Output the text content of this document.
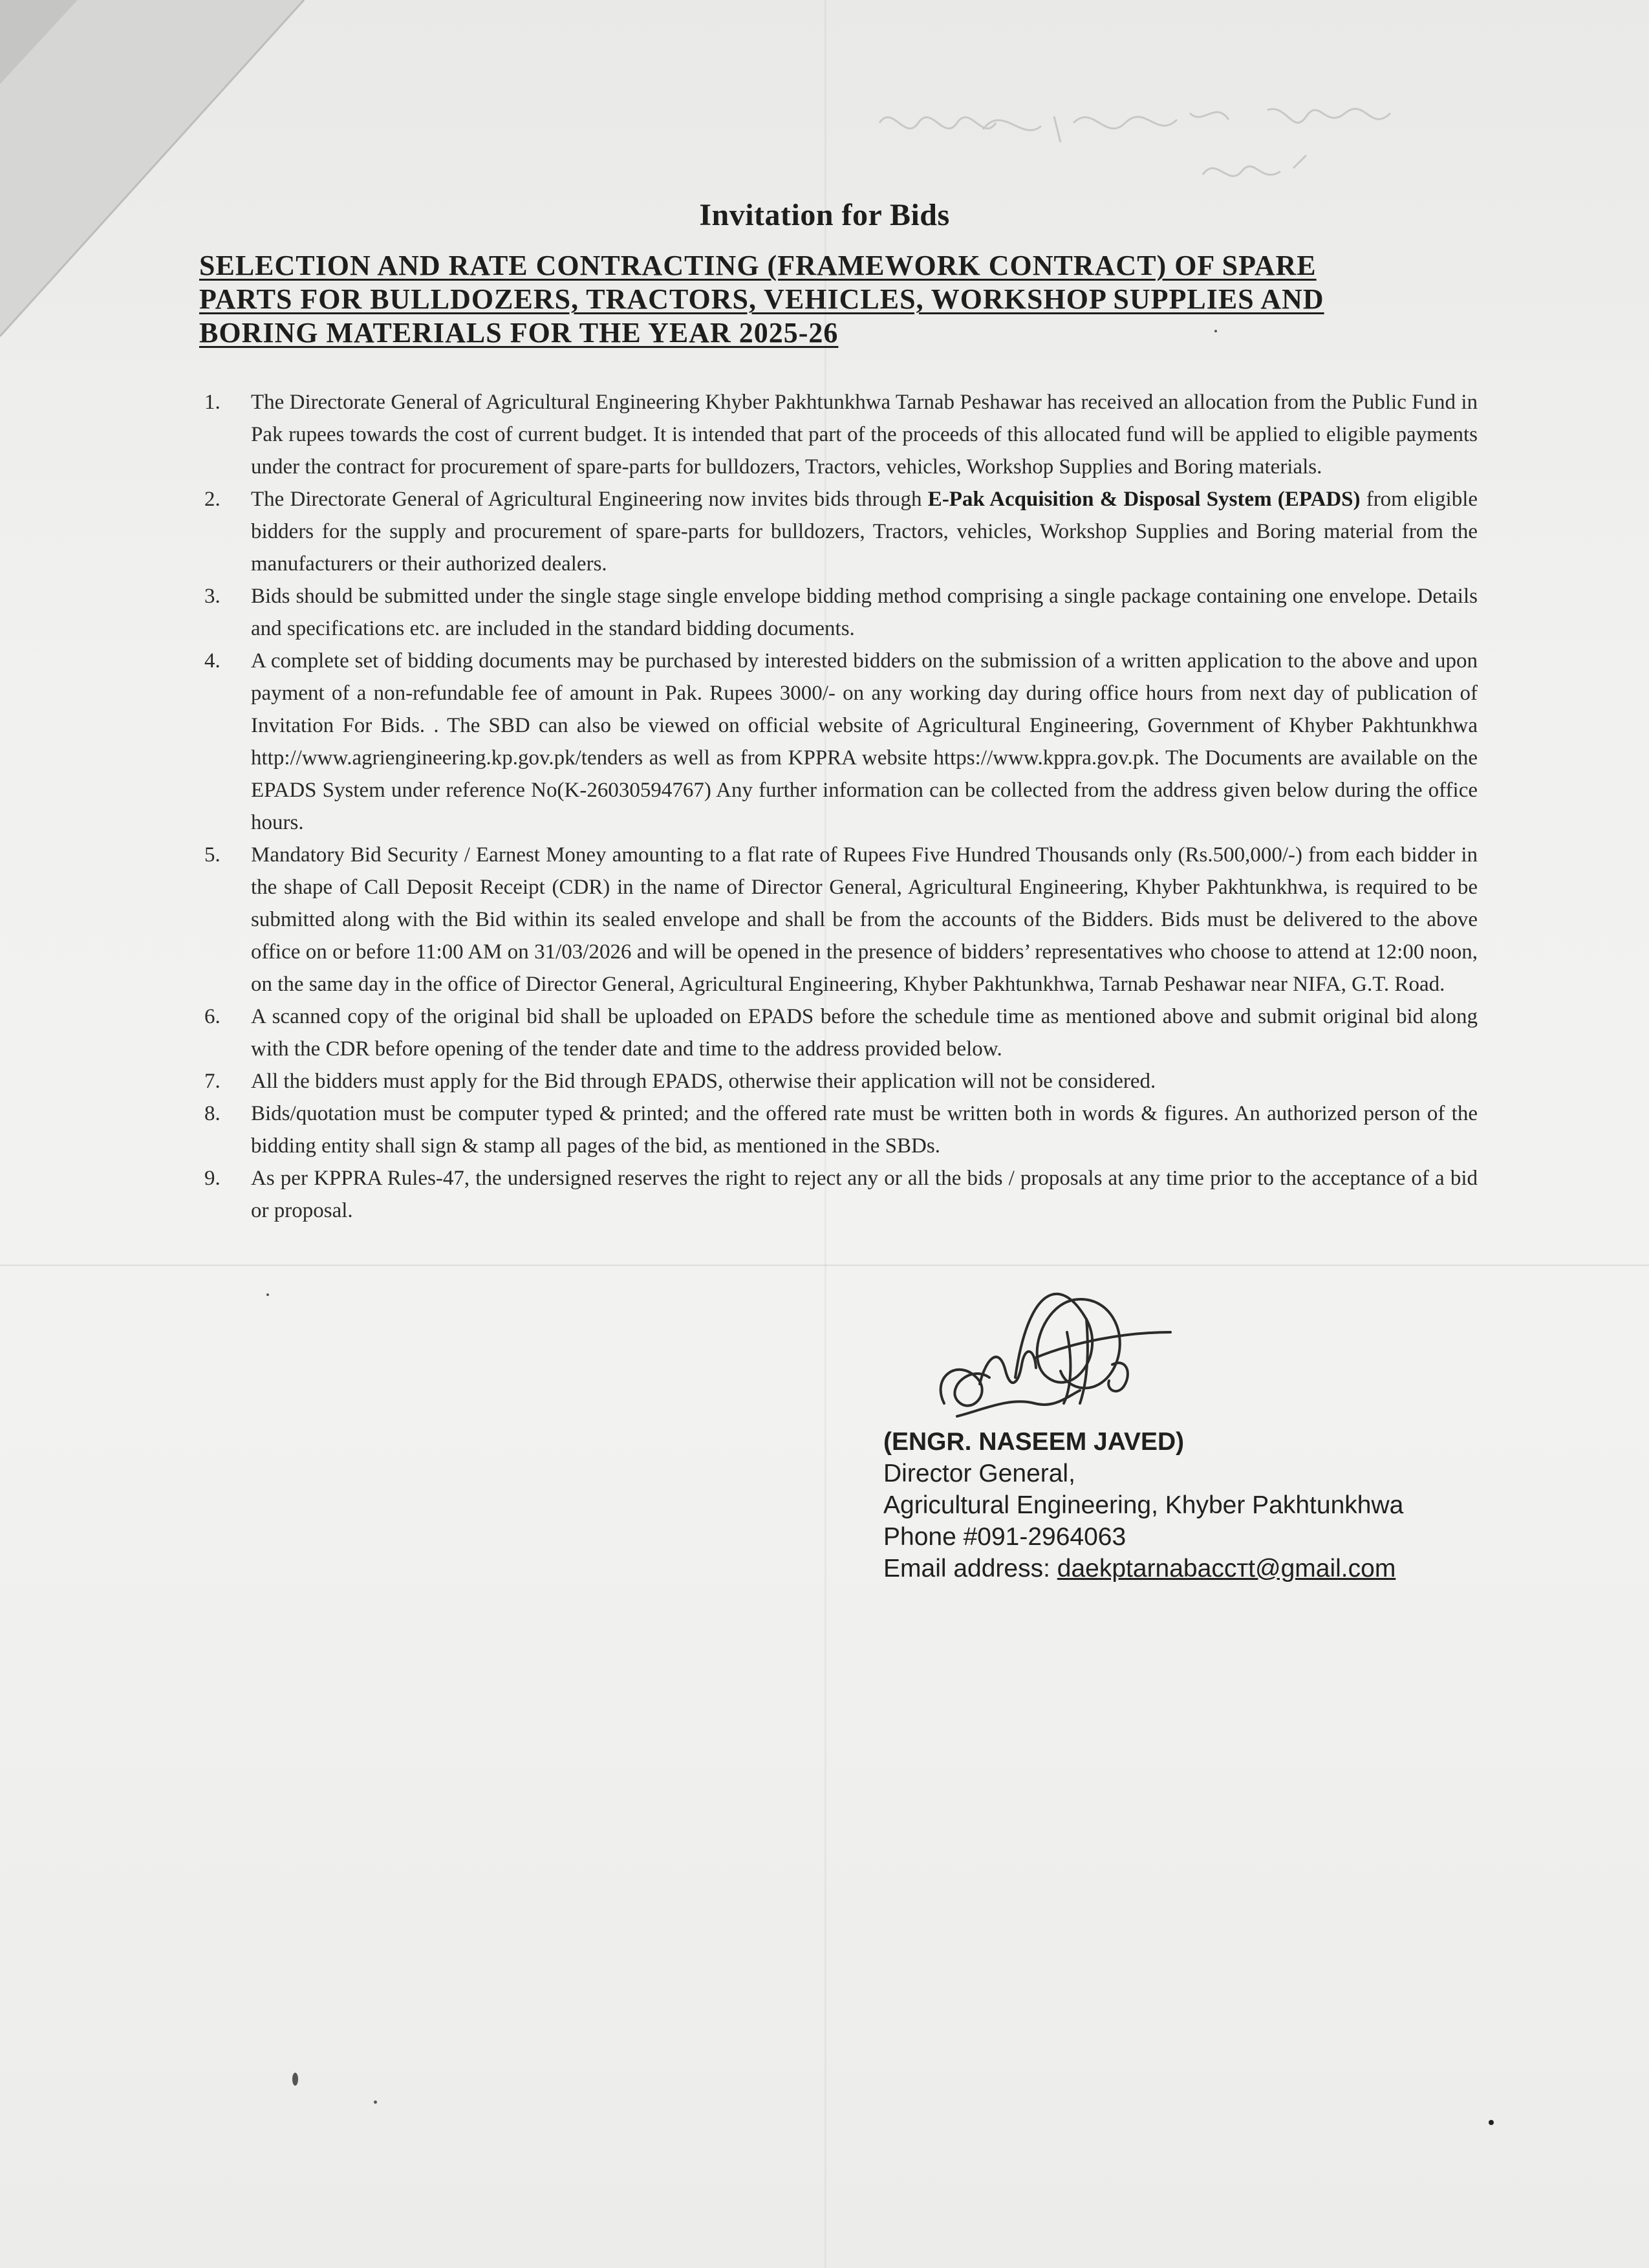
Invitation for Bids
SELECTION AND RATE CONTRACTING (FRAMEWORK CONTRACT) OF SPARE
PARTS FOR BULLDOZERS, TRACTORS, VEHICLES, WORKSHOP SUPPLIES AND
BORING MATERIALS FOR THE YEAR 2025-26
1. The Directorate General of Agricultural Engineering Khyber Pakhtunkhwa Tarnab Peshawar has received an allocation from the Public Fund in Pak rupees towards the cost of current budget. It is intended that part of the proceeds of this allocated fund will be applied to eligible payments under the contract for procurement of spare-parts for bulldozers, Tractors, vehicles, Workshop Supplies and Boring materials.
2. The Directorate General of Agricultural Engineering now invites bids through E-Pak Acquisition & Disposal System (EPADS) from eligible bidders for the supply and procurement of spare-parts for bulldozers, Tractors, vehicles, Workshop Supplies and Boring material from the manufacturers or their authorized dealers.
3. Bids should be submitted under the single stage single envelope bidding method comprising a single package containing one envelope. Details and specifications etc. are included in the standard bidding documents.
4. A complete set of bidding documents may be purchased by interested bidders on the submission of a written application to the above and upon payment of a non-refundable fee of amount in Pak. Rupees 3000/- on any working day during office hours from next day of publication of Invitation For Bids. . The SBD can also be viewed on official website of Agricultural Engineering, Government of Khyber Pakhtunkhwa http://www.agriengineering.kp.gov.pk/tenders as well as from KPPRA website https://www.kppra.gov.pk. The Documents are available on the EPADS System under reference No(K-26030594767) Any further information can be collected from the address given below during the office hours.
5. Mandatory Bid Security / Earnest Money amounting to a flat rate of Rupees Five Hundred Thousands only (Rs.500,000/-) from each bidder in the shape of Call Deposit Receipt (CDR) in the name of Director General, Agricultural Engineering, Khyber Pakhtunkhwa, is required to be submitted along with the Bid within its sealed envelope and shall be from the accounts of the Bidders. Bids must be delivered to the above office on or before 11:00 AM on 31/03/2026 and will be opened in the presence of bidders’ representatives who choose to attend at 12:00 noon, on the same day in the office of Director General, Agricultural Engineering, Khyber Pakhtunkhwa, Tarnab Peshawar near NIFA, G.T. Road.
6. A scanned copy of the original bid shall be uploaded on EPADS before the schedule time as mentioned above and submit original bid along with the CDR before opening of the tender date and time to the address provided below.
7. All the bidders must apply for the Bid through EPADS, otherwise their application will not be considered.
8. Bids/quotation must be computer typed & printed; and the offered rate must be written both in words & figures. An authorized person of the bidding entity shall sign & stamp all pages of the bid, as mentioned in the SBDs.
9. As per KPPRA Rules-47, the undersigned reserves the right to reject any or all the bids / proposals at any time prior to the acceptance of a bid or proposal.
(ENGR. NASEEM JAVED)
Director General,
Agricultural Engineering, Khyber Pakhtunkhwa
Phone #091-2964063
Email address: daekptarnabaccтt@gmail.com
